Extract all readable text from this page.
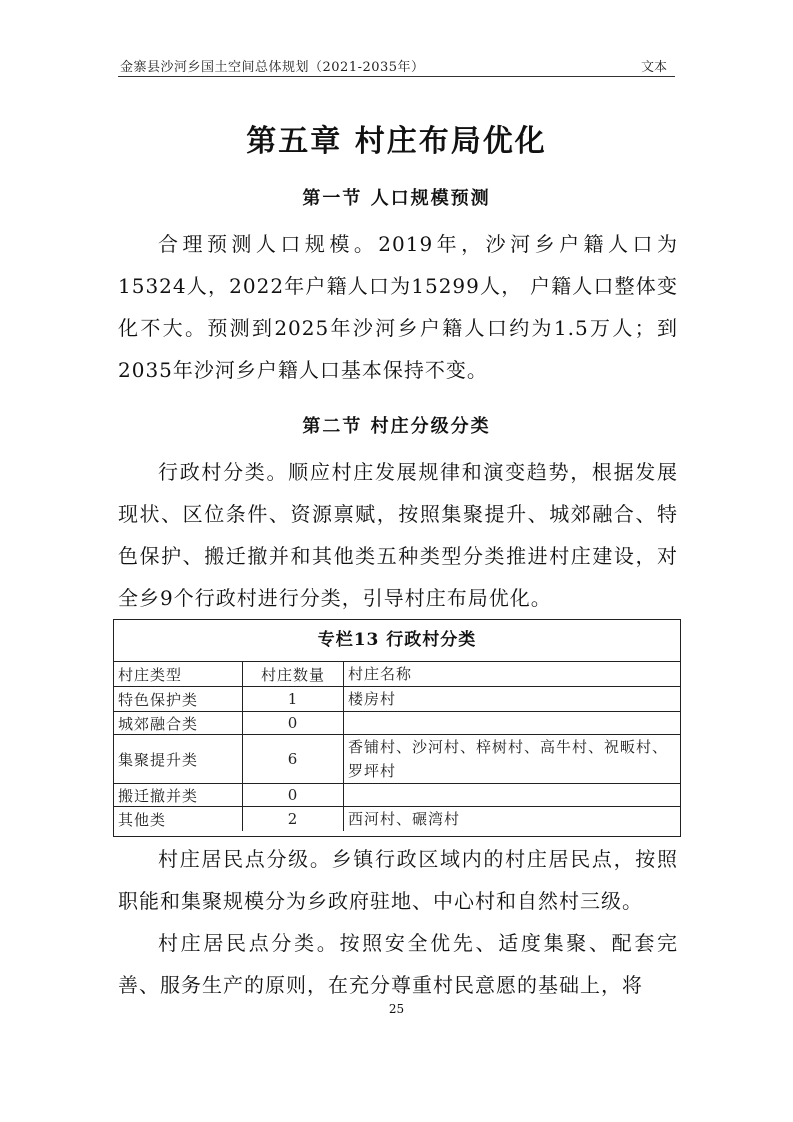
金寨县沙河乡国土空间总体规划（2021-2035年）	文本
第五章 村庄布局优化
第一节 人口规模预测

合理预测人口规模。2019年，沙河乡户籍人口为15324人，2022年户籍人口为15299人， 户籍人口整体变化不大。预测到2025年沙河乡户籍人口约为1.5万人；到2035年沙河乡户籍人口基本保持不变。

第二节 村庄分级分类

行政村分类。顺应村庄发展规律和演变趋势，根据发展现状、区位条件、资源禀赋，按照集聚提升、城郊融合、特色保护、搬迁撤并和其他类五种类型分类推进村庄建设，对全乡9个行政村进行分类，引导村庄布局优化。

专栏13 行政村分类
村庄类型	村庄数量	村庄名称
特色保护类	1	楼房村
城郊融合类	0	
集聚提升类	6	香铺村、沙河村、梓树村、高牛村、祝畈村、罗坪村
搬迁撤并类	0	
其他类	2	西河村、碾湾村

村庄居民点分级。乡镇行政区域内的村庄居民点，按照职能和集聚规模分为乡政府驻地、中心村和自然村三级。

村庄居民点分类。按照安全优先、适度集聚、配套完善、服务生产的原则，在充分尊重村民意愿的基础上，将

25
